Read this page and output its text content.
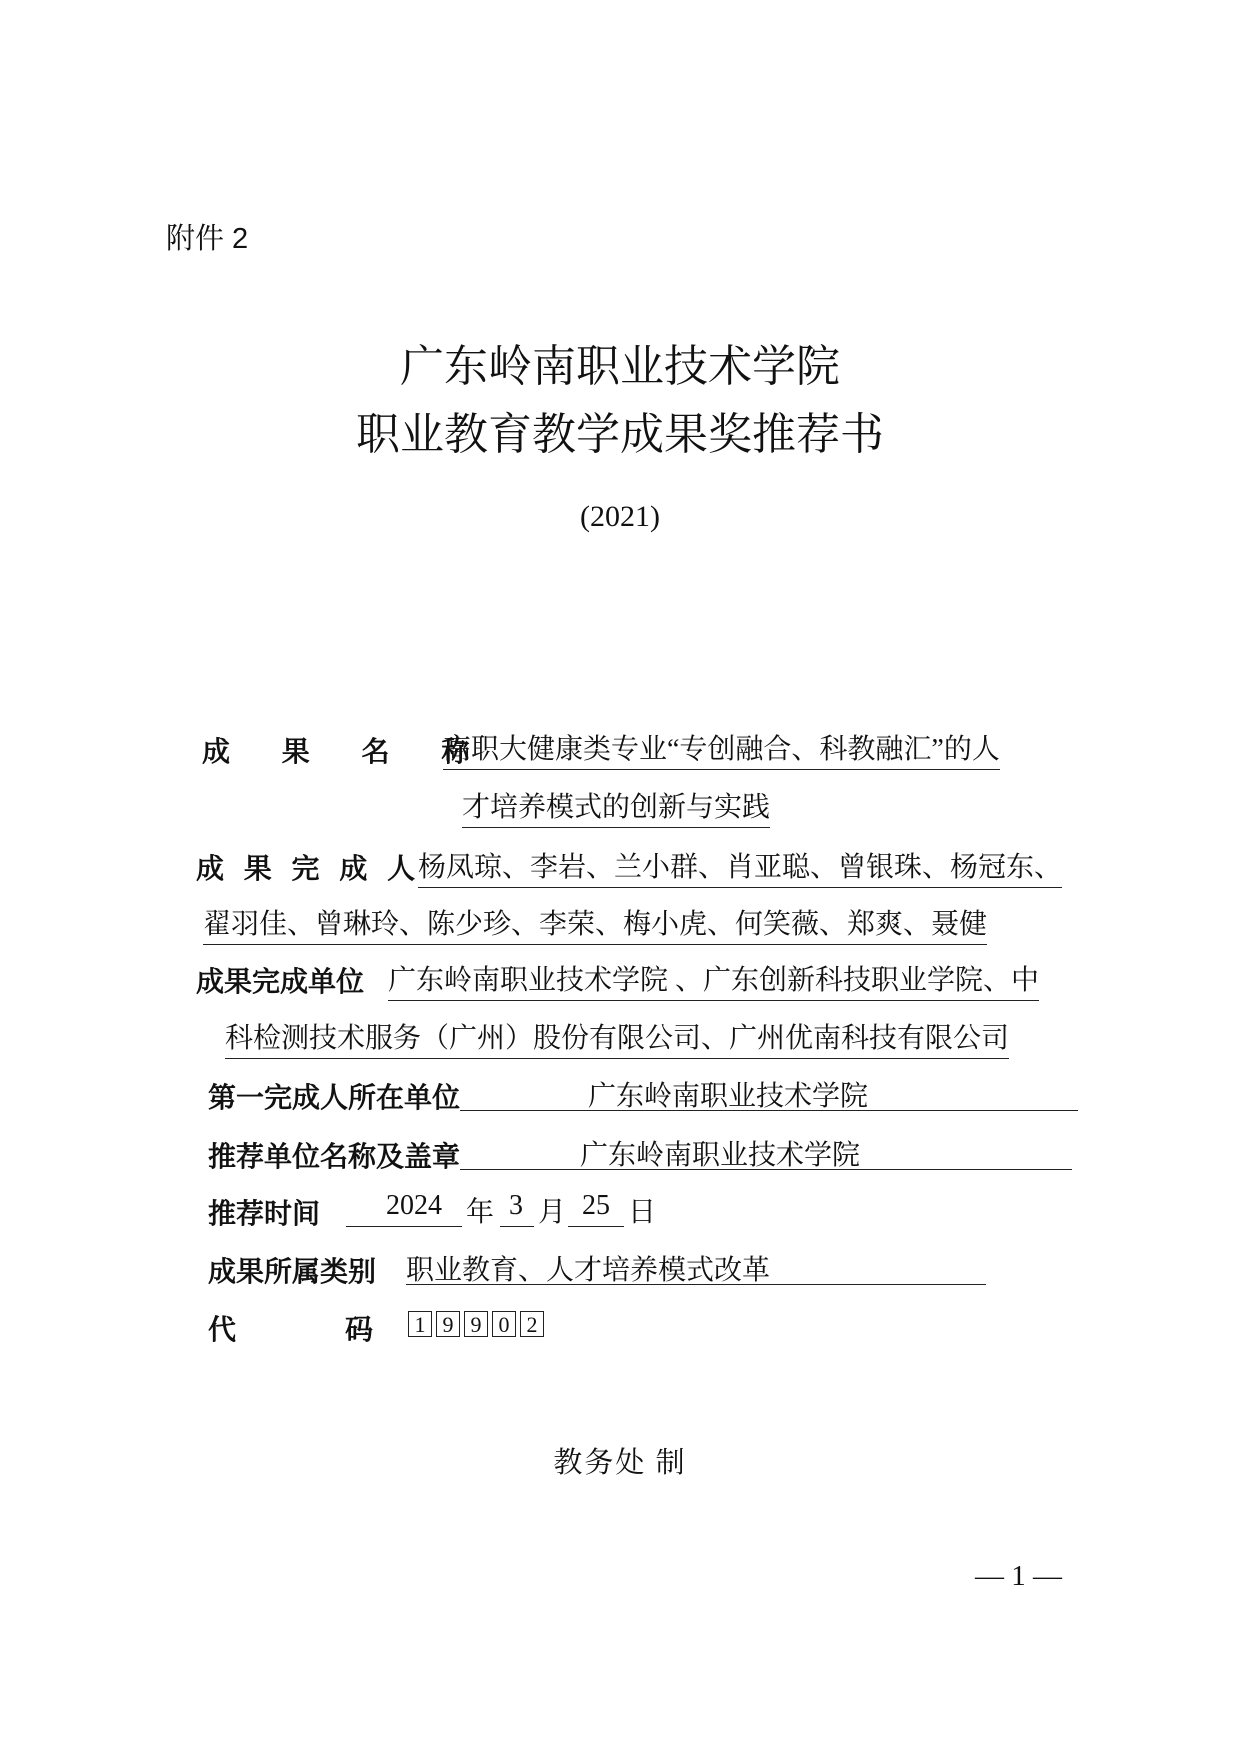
附件 2
广东岭南职业技术学院
职业教育教学成果奖推荐书
(2021)
成 果 名 称
高职大健康类专业“专创融合、科教融汇”的人
才培养模式的创新与实践
成 果 完 成 人
杨凤琼、李岩、兰小群、肖亚聪、曾银珠、杨冠东、
翟羽佳、曾琳玲、陈少珍、李荣、梅小虎、何笑薇、郑爽、聂健
成果完成单位 广东岭南职业技术学院 、广东创新科技职业学院、中
科检测技术服务（广州）股份有限公司、广州优南科技有限公司
第一完成人所在单位	广东岭南职业技术学院
推荐单位名称及盖章	广东岭南职业技术学院
推荐时间 2024 年 3 月 25 日
成果所属类别 职业教育、人才培养模式改革
代	码 1 9 9 0 2
教务处 制
— 1 —
